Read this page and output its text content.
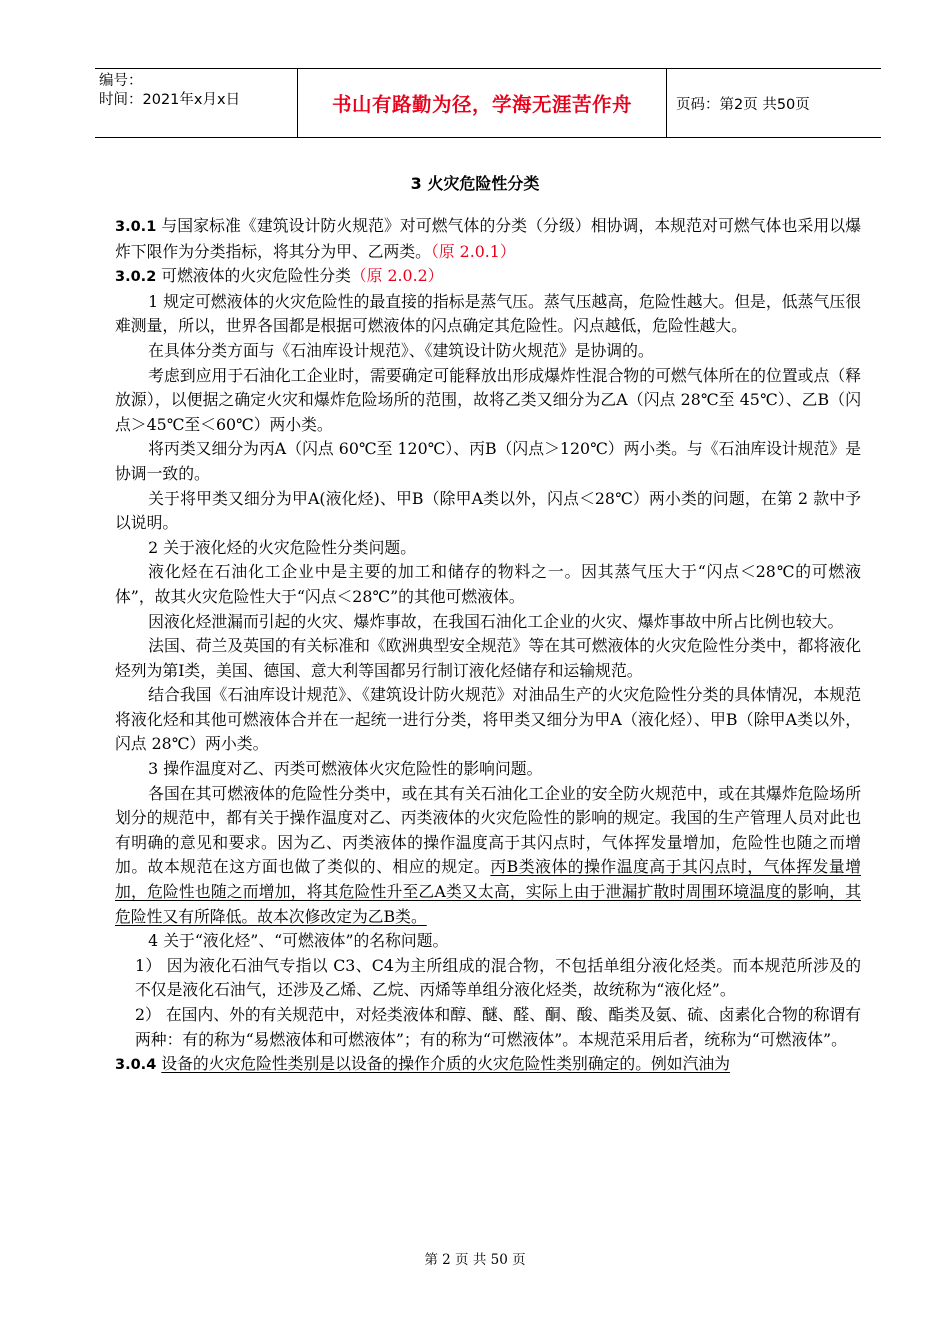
编号：
时间：2021年x月x日	书山有路勤为径，学海无涯苦作舟	页码：第2页 共50页
3 火灾危险性分类

3.0.1 与国家标准《建筑设计防火规范》对可燃气体的分类（分级）相协调，本规范对可燃气体也采用以爆炸下限作为分类指标，将其分为甲、乙两类。（原 2.0.1）

3.0.2 可燃液体的火灾危险性分类（原 2.0.2）

1 规定可燃液体的火灾危险性的最直接的指标是蒸气压。蒸气压越高，危险性越大。但是，低蒸气压很难测量，所以，世界各国都是根据可燃液体的闪点确定其危险性。闪点越低，危险性越大。

在具体分类方面与《石油库设计规范》、《建筑设计防火规范》是协调的。

考虑到应用于石油化工企业时，需要确定可能释放出形成爆炸性混合物的可燃气体所在的位置或点（释放源），以便据之确定火灾和爆炸危险场所的范围，故将乙类又细分为乙A（闪点 28℃至 45℃）、乙B（闪点＞45℃至＜60℃）两小类。

将丙类又细分为丙A（闪点 60℃至 120℃）、丙B（闪点＞120℃）两小类。与《石油库设计规范》是协调一致的。

关于将甲类又细分为甲A(液化烃)、甲B（除甲A类以外，闪点＜28℃）两小类的问题，在第 2 款中予以说明。

2 关于液化烃的火灾危险性分类问题。

液化烃在石油化工企业中是主要的加工和储存的物料之一。因其蒸气压大于“闪点＜28℃的可燃液体”，故其火灾危险性大于“闪点＜28℃”的其他可燃液体。

因液化烃泄漏而引起的火灾、爆炸事故，在我国石油化工企业的火灾、爆炸事故中所占比例也较大。

法国、荷兰及英国的有关标准和《欧洲典型安全规范》等在其可燃液体的火灾危险性分类中，都将液化烃列为第Ⅰ类，美国、德国、意大利等国都另行制订液化烃储存和运输规范。

结合我国《石油库设计规范》、《建筑设计防火规范》对油品生产的火灾危险性分类的具体情况，本规范将液化烃和其他可燃液体合并在一起统一进行分类，将甲类又细分为甲A（液化烃）、甲B（除甲A类以外，闪点 28℃）两小类。

3 操作温度对乙、丙类可燃液体火灾危险性的影响问题。

各国在其可燃液体的危险性分类中，或在其有关石油化工企业的安全防火规范中，或在其爆炸危险场所划分的规范中，都有关于操作温度对乙、丙类液体的火灾危险性的影响的规定。我国的生产管理人员对此也有明确的意见和要求。因为乙、丙类液体的操作温度高于其闪点时，气体挥发量增加，危险性也随之而增加。故本规范在这方面也做了类似的、相应的规定。丙B类液体的操作温度高于其闪点时，气体挥发量增加，危险性也随之而增加，将其危险性升至乙A类又太高，实际上由于泄漏扩散时周围环境温度的影响，其危险性又有所降低。故本次修改定为乙B类。

4 关于“液化烃”、“可燃液体”的名称问题。

1） 因为液化石油气专指以 C3、C4为主所组成的混合物，不包括单组分液化烃类。而本规范所涉及的不仅是液化石油气，还涉及乙烯、乙烷、丙烯等单组分液化烃类，故统称为“液化烃”。

2） 在国内、外的有关规范中，对烃类液体和醇、醚、醛、酮、酸、酯类及氨、硫、卤素化合物的称谓有两种：有的称为“易燃液体和可燃液体”；有的称为“可燃液体”。本规范采用后者，统称为“可燃液体”。

3.0.4 设备的火灾危险性类别是以设备的操作介质的火灾危险性类别确定的。例如汽油为

第 2 页 共 50 页
